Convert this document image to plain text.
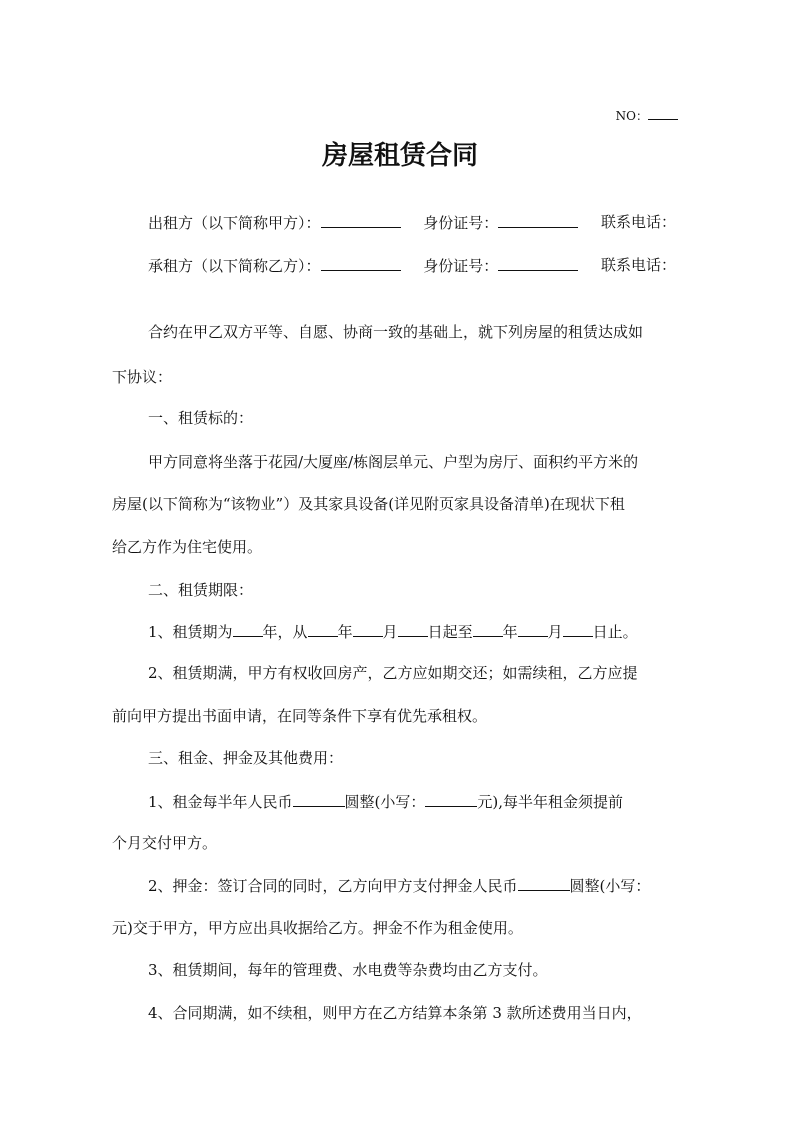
NO：
房屋租赁合同
出租方（以下简称甲方）：	身份证号：	联系电话：
承租方（以下简称乙方）：	身份证号：	联系电话：
合约在甲乙双方平等、自愿、协商一致的基础上，就下列房屋的租赁达成如
下协议：
一、租赁标的：
甲方同意将坐落于花园/大厦座/栋阁层单元、户型为房厅、面积约平方米的
房屋(以下简称为“该物业”）及其家具设备(详见附页家具设备清单)在现状下租
给乙方作为住宅使用。
二、租赁期限：
1、租赁期为 年，从 年 月 日起至 年 月 日止。
2、租赁期满，甲方有权收回房产，乙方应如期交还；如需续租，乙方应提
前向甲方提出书面申请，在同等条件下享有优先承租权。
三、租金、押金及其他费用：
1、租金每半年人民币	圆整(小写：	元),每半年租金须提前
个月交付甲方。
2、押金：签订合同的同时，乙方向甲方支付押金人民币	圆整(小写：
元)交于甲方，甲方应出具收据给乙方。押金不作为租金使用。
3、租赁期间，每年的管理费、水电费等杂费均由乙方支付。
4、合同期满，如不续租，则甲方在乙方结算本条第 3 款所述费用当日内，
